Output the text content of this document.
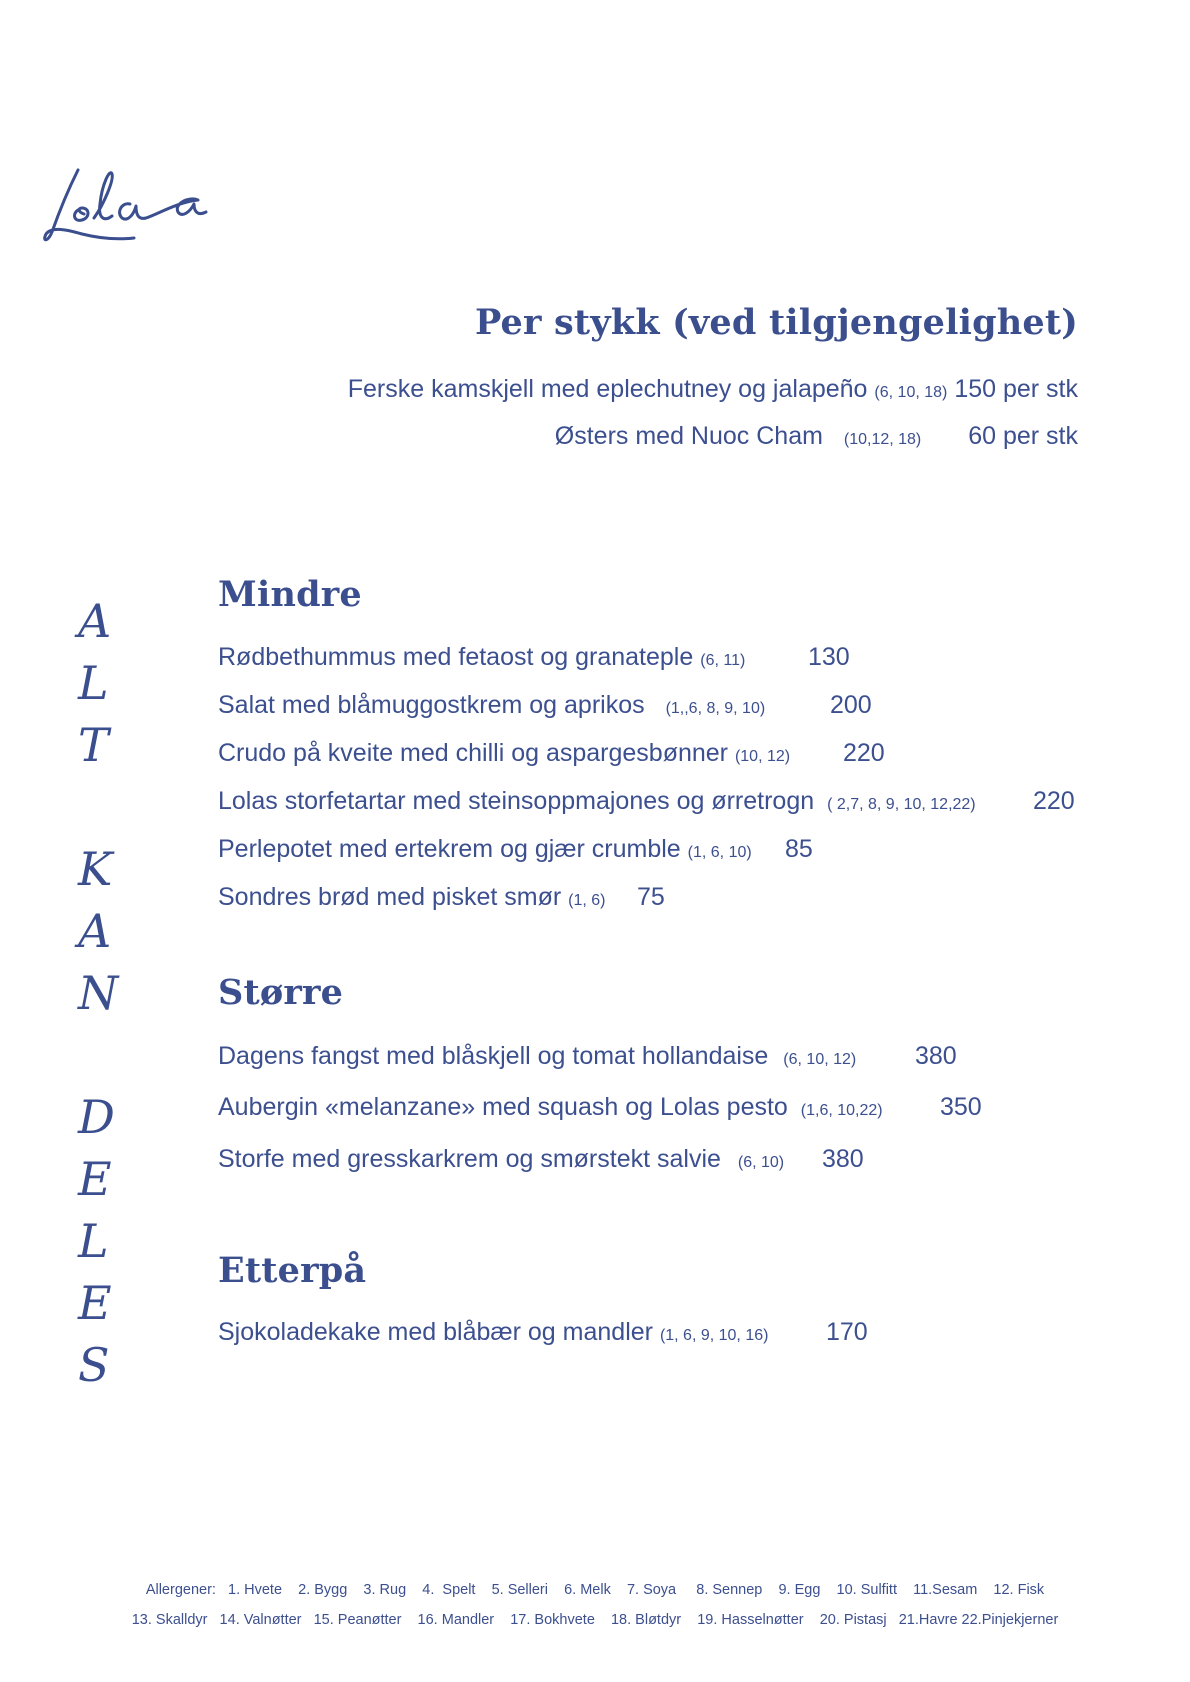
Per stykk (ved tilgjengelighet)
Ferske kamskjell med eplechutney og jalapeño (6, 10, 18) 150 per stk
Østers med Nuoc Cham (10,12, 18) 60 per stk
A
L
T
K
A
N
D
E
L
E
S
Mindre
Rødbethummus med fetaost og granateple (6, 11)	130
Salat med blåmuggostkrem og aprikos (1,,6, 8, 9, 10)	200
Crudo på kveite med chilli og aspargesbønner (10, 12) 220
Lolas storfetartar med steinsoppmajones og ørretrogn ( 2,7, 8, 9, 10, 12,22) 220
Perlepotet med ertekrem og gjær crumble (1, 6, 10) 85
Sondres brød med pisket smør (1, 6) 75
Større
Dagens fangst med blåskjell og tomat hollandaise (6, 10, 12) 380
Aubergin «melanzane» med squash og Lolas pesto (1,6, 10,22) 350
Storfe med gresskarkrem og smørstekt salvie (6, 10) 380
Etterpå
Sjokoladekake med blåbær og mandler (1, 6, 9, 10, 16) 170
Allergener:   1. Hvete    2. Bygg    3. Rug    4.  Spelt    5. Selleri    6. Melk    7. Soya     8. Sennep    9. Egg    10. Sulfitt    11.Sesam    12. Fisk
13. Skalldyr   14. Valnøtter   15. Peanøtter    16. Mandler    17. Bokhvete    18. Bløtdyr    19. Hasselnøtter    20. Pistasj   21.Havre 22.Pinjekjerner
